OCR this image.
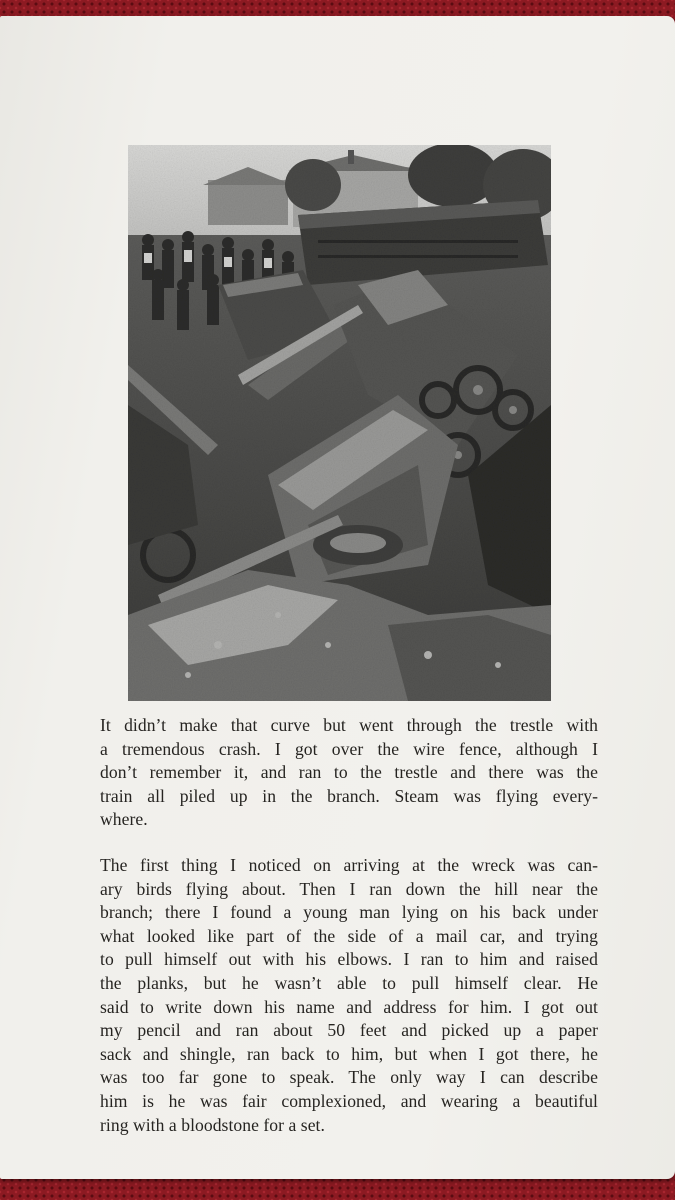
It didn’t make that curve but went through the trestle with
a tremendous crash. I got over the wire fence, although I
don’t remember it, and ran to the trestle and there was the
train all piled up in the branch. Steam was flying every-
where.

The first thing I noticed on arriving at the wreck was can-
ary birds flying about. Then I ran down the hill near the
branch; there I found a young man lying on his back under
what looked like part of the side of a mail car, and trying
to pull himself out with his elbows. I ran to him and raised
the planks, but he wasn’t able to pull himself clear. He
said to write down his name and address for him. I got out
my pencil and ran about 50 feet and picked up a paper
sack and shingle, ran back to him, but when I got there, he
was too far gone to speak. The only way I can describe
him is he was fair complexioned, and wearing a beautiful
ring with a bloodstone for a set.
